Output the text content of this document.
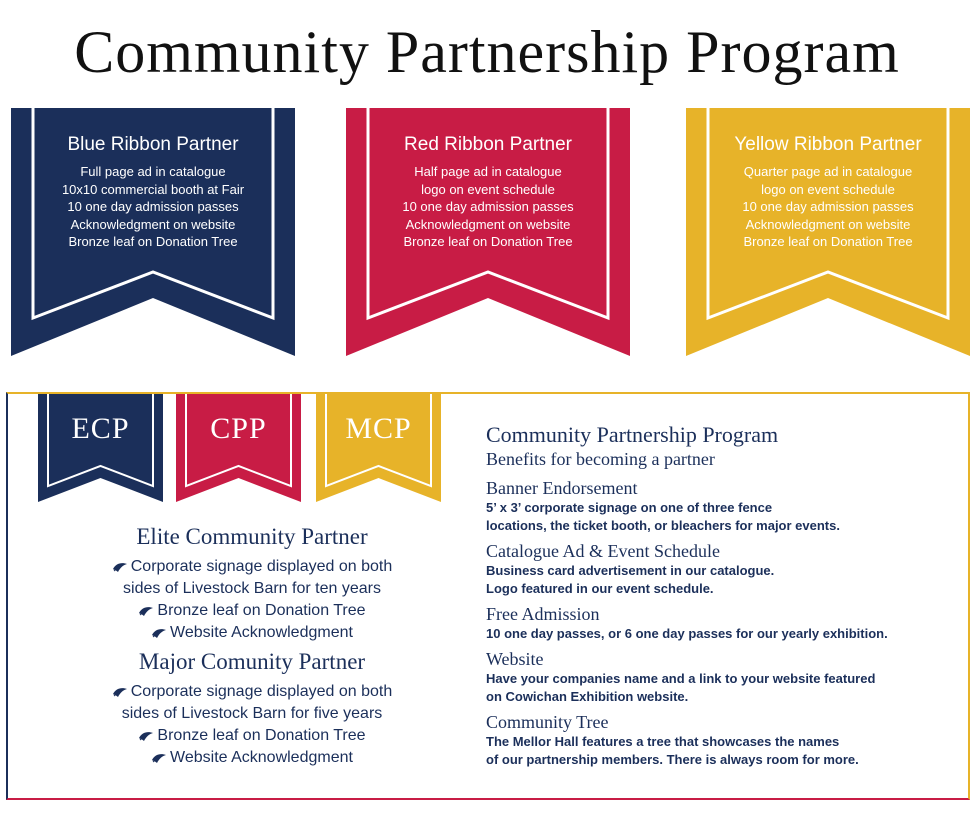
Community Partnership Program
Blue Ribbon Partner
Full page ad in catalogue
10x10 commercial booth at Fair
10 one day admission passes
Acknowledgment on website
Bronze leaf on Donation Tree
Red Ribbon Partner
Half page ad in catalogue
logo on event schedule
10 one day admission passes
Acknowledgment on website
Bronze leaf on Donation Tree
Yellow Ribbon Partner
Quarter page ad in catalogue
logo on event schedule
10 one day admission passes
Acknowledgment on website
Bronze leaf on Donation Tree
ECP	CPP	MCP
Elite Community Partner
Corporate signage displayed on both
sides of Livestock Barn for ten years
Bronze leaf on Donation Tree
Website Acknowledgment
Major Comunity Partner
Corporate signage displayed on both
sides of Livestock Barn for five years
Bronze leaf on Donation Tree
Website Acknowledgment
Community Partnership Program
Benefits for becoming a partner
Banner Endorsement
5’ x 3’ corporate signage on one of three fence
locations, the ticket booth, or bleachers for major events.
Catalogue Ad & Event Schedule
Business card advertisement in our catalogue.
Logo featured in our event schedule.
Free Admission
10 one day passes, or 6 one day passes for our yearly exhibition.
Website
Have your companies name and a link to your website featured
on Cowichan Exhibition website.
Community Tree
The Mellor Hall features a tree that showcases the names
of our partnership members. There is always room for more.
